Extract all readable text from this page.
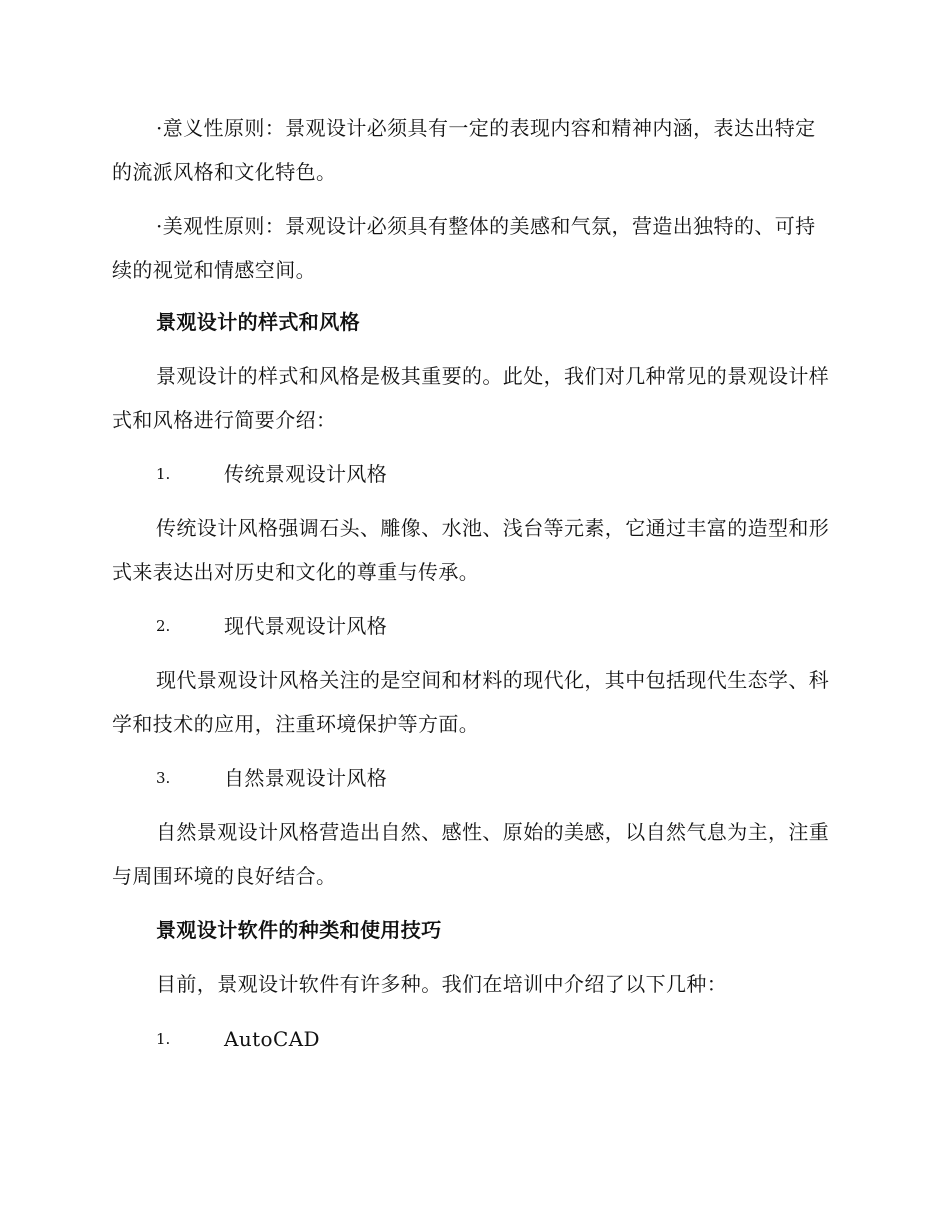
·意义性原则：景观设计必须具有一定的表现内容和精神内涵，表达出特定的流派风格和文化特色。

·美观性原则：景观设计必须具有整体的美感和气氛，营造出独特的、可持续的视觉和情感空间。

景观设计的样式和风格

景观设计的样式和风格是极其重要的。此处，我们对几种常见的景观设计样式和风格进行简要介绍：

1.	传统景观设计风格

传统设计风格强调石头、雕像、水池、浅台等元素，它通过丰富的造型和形式来表达出对历史和文化的尊重与传承。

2.	现代景观设计风格

现代景观设计风格关注的是空间和材料的现代化，其中包括现代生态学、科学和技术的应用，注重环境保护等方面。

3.	自然景观设计风格

自然景观设计风格营造出自然、感性、原始的美感，以自然气息为主，注重与周围环境的良好结合。

景观设计软件的种类和使用技巧

目前，景观设计软件有许多种。我们在培训中介绍了以下几种：

1.	AutoCAD
